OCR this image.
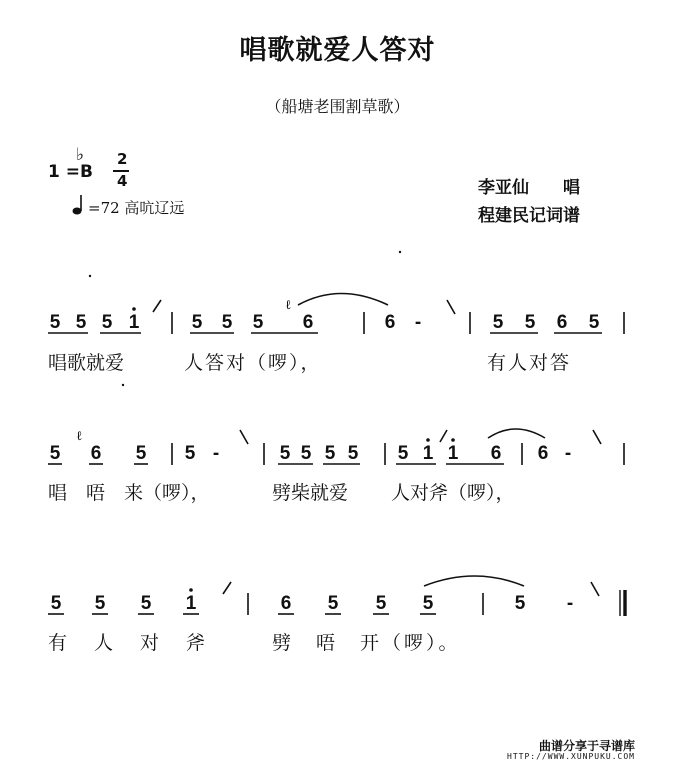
唱歌就爱人答对
（船塘老围割草歌）
1 =B
♭ 2
4
=72 高吭辽远
李亚仙　　唱
程建民记词谱
5 5 5 1	5 5 5 6	6 -	5 5 6 5
唱歌就爱	人答对（啰），	有人对答
5 6 5 5 -	5 5 5 5 5 1 1 6 6 -
唱　唔　来（啰），	劈柴就爱 人对斧（啰），
5 5 5 1	6 5 5 5	5 -
有　人　对　斧	劈　唔　开（啰）。
ℓ
ℓ
曲谱分享于寻谱库
HTTP://WWW.XUNPUKU.COM
